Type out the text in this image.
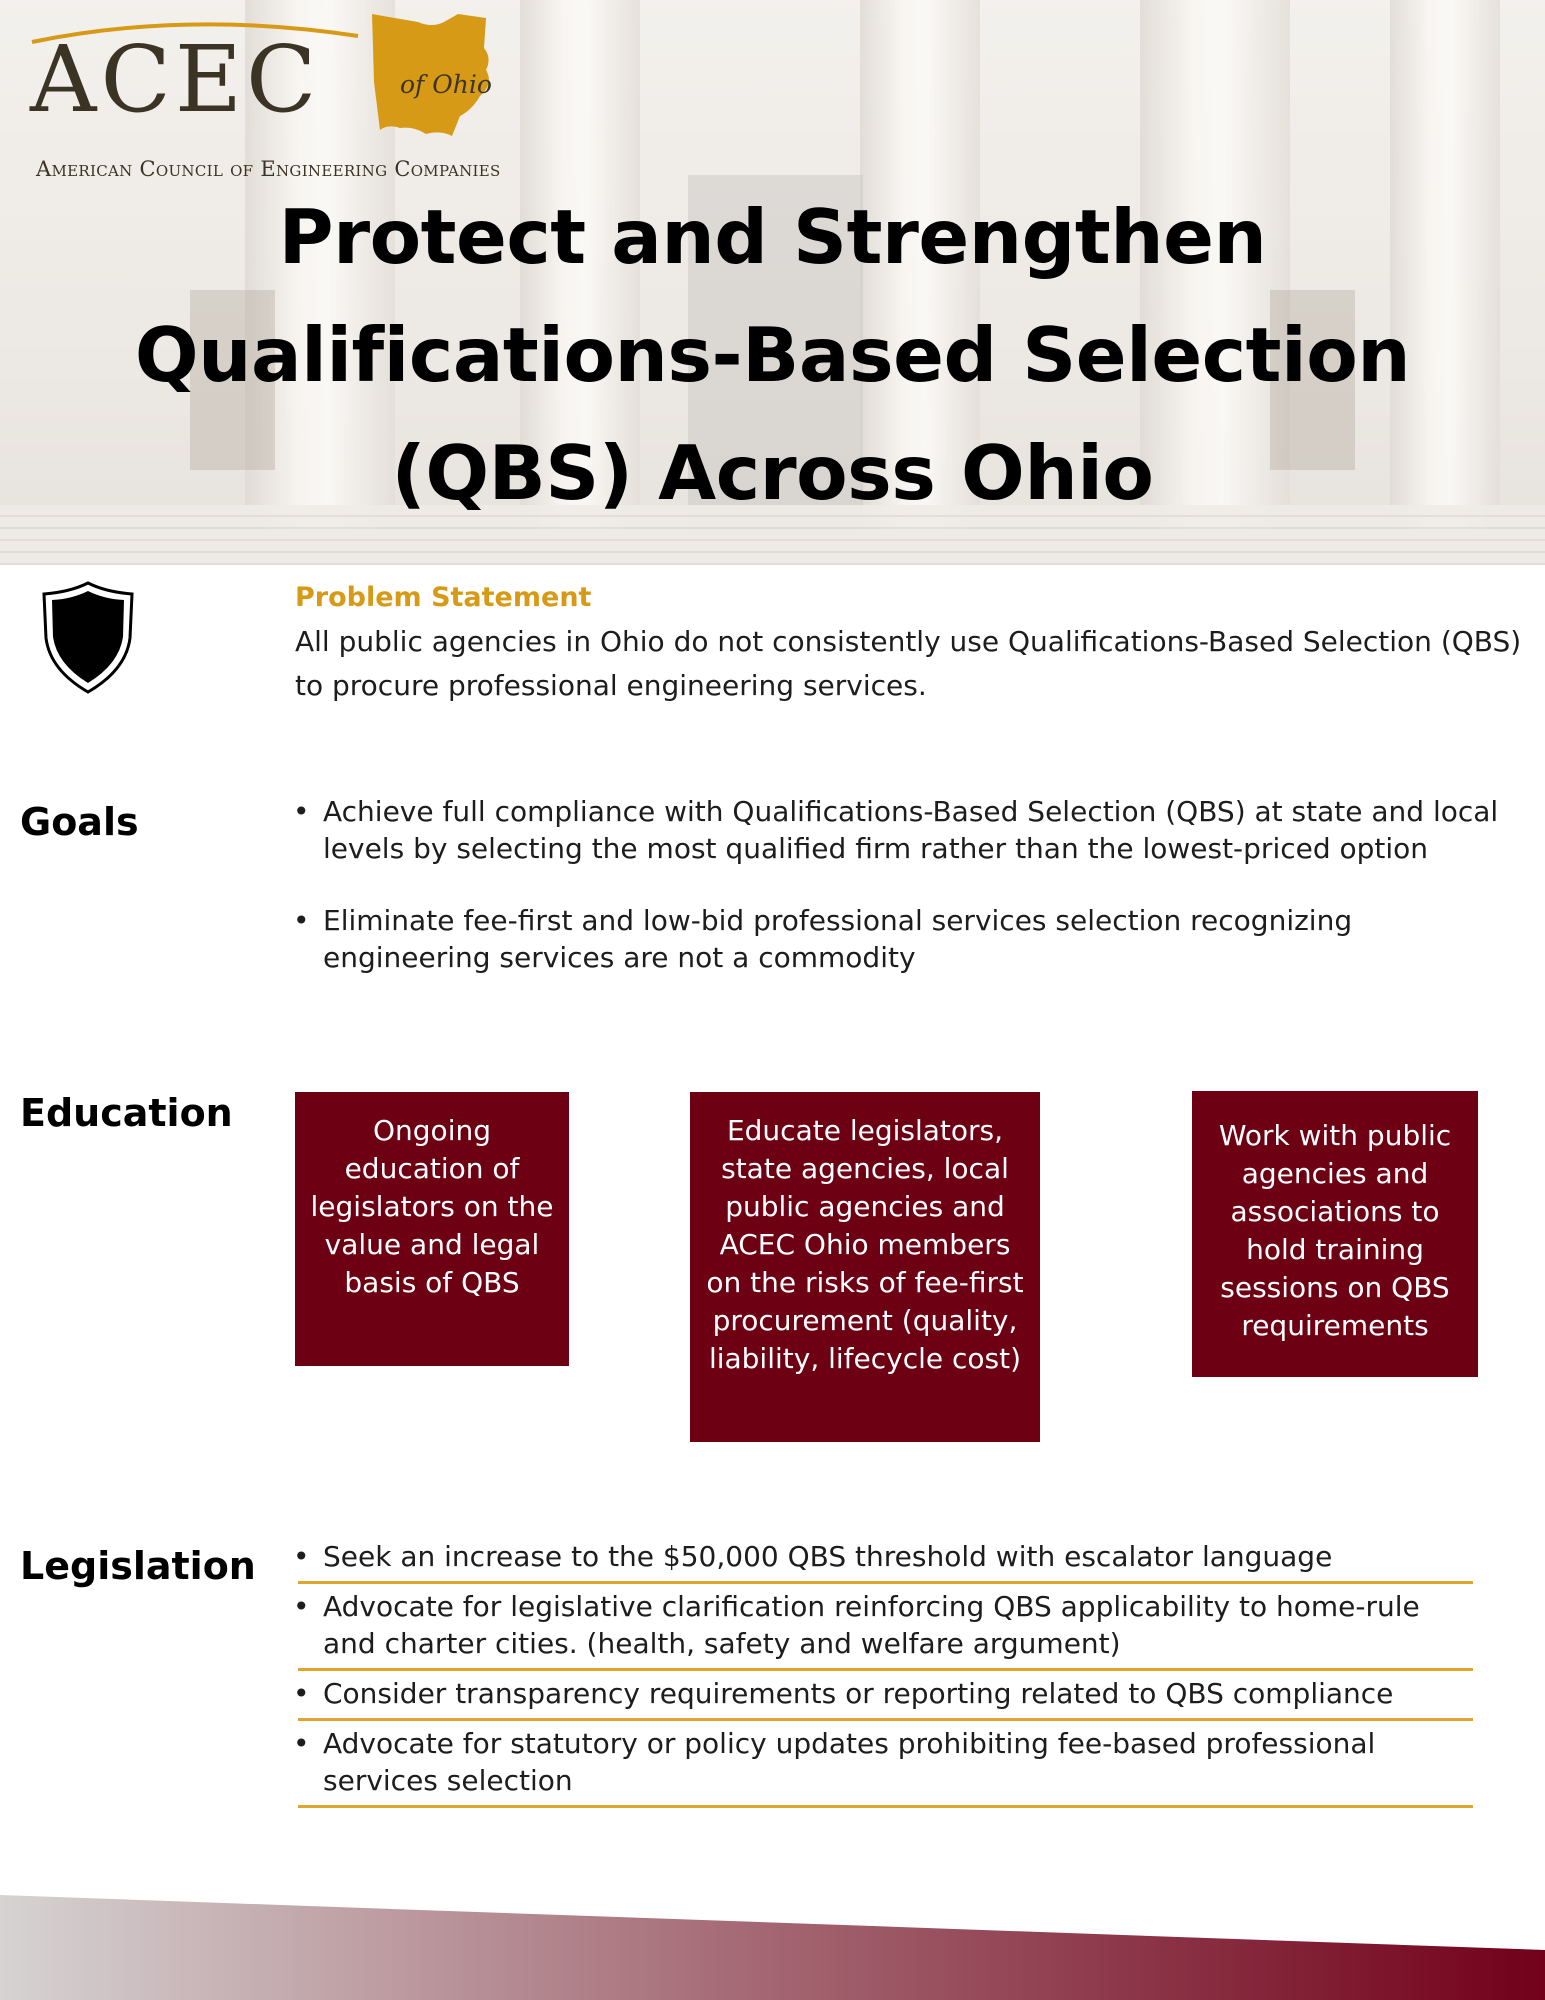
ACEC	of Ohio
American Council of Engineering Companies
Protect and Strengthen
Qualifications-Based Selection
(QBS) Across Ohio
Problem Statement

All public agencies in Ohio do not consistently use Qualifications-Based Selection (QBS) to procure professional engineering services.

Goals	• Achieve full compliance with Qualifications-Based Selection (QBS) at state and local levels by selecting the most qualified firm rather than the lowest-priced option
• Eliminate fee-first and low-bid professional services selection recognizing engineering services are not a commodity
Education	Ongoing education of legislators on the value and legal basis of QBS
Educate legislators, state agencies, local public agencies and ACEC Ohio members on the risks of fee-first procurement (quality, liability, lifecycle cost)
Work with public agencies and associations to hold training sessions on QBS requirements
Legislation	• Seek an increase to the $50,000 QBS threshold with escalator language
• Advocate for legislative clarification reinforcing QBS applicability to home-rule and charter cities. (health, safety and welfare argument)
• Consider transparency requirements or reporting related to QBS compliance
• Advocate for statutory or policy updates prohibiting fee-based professional services selection
